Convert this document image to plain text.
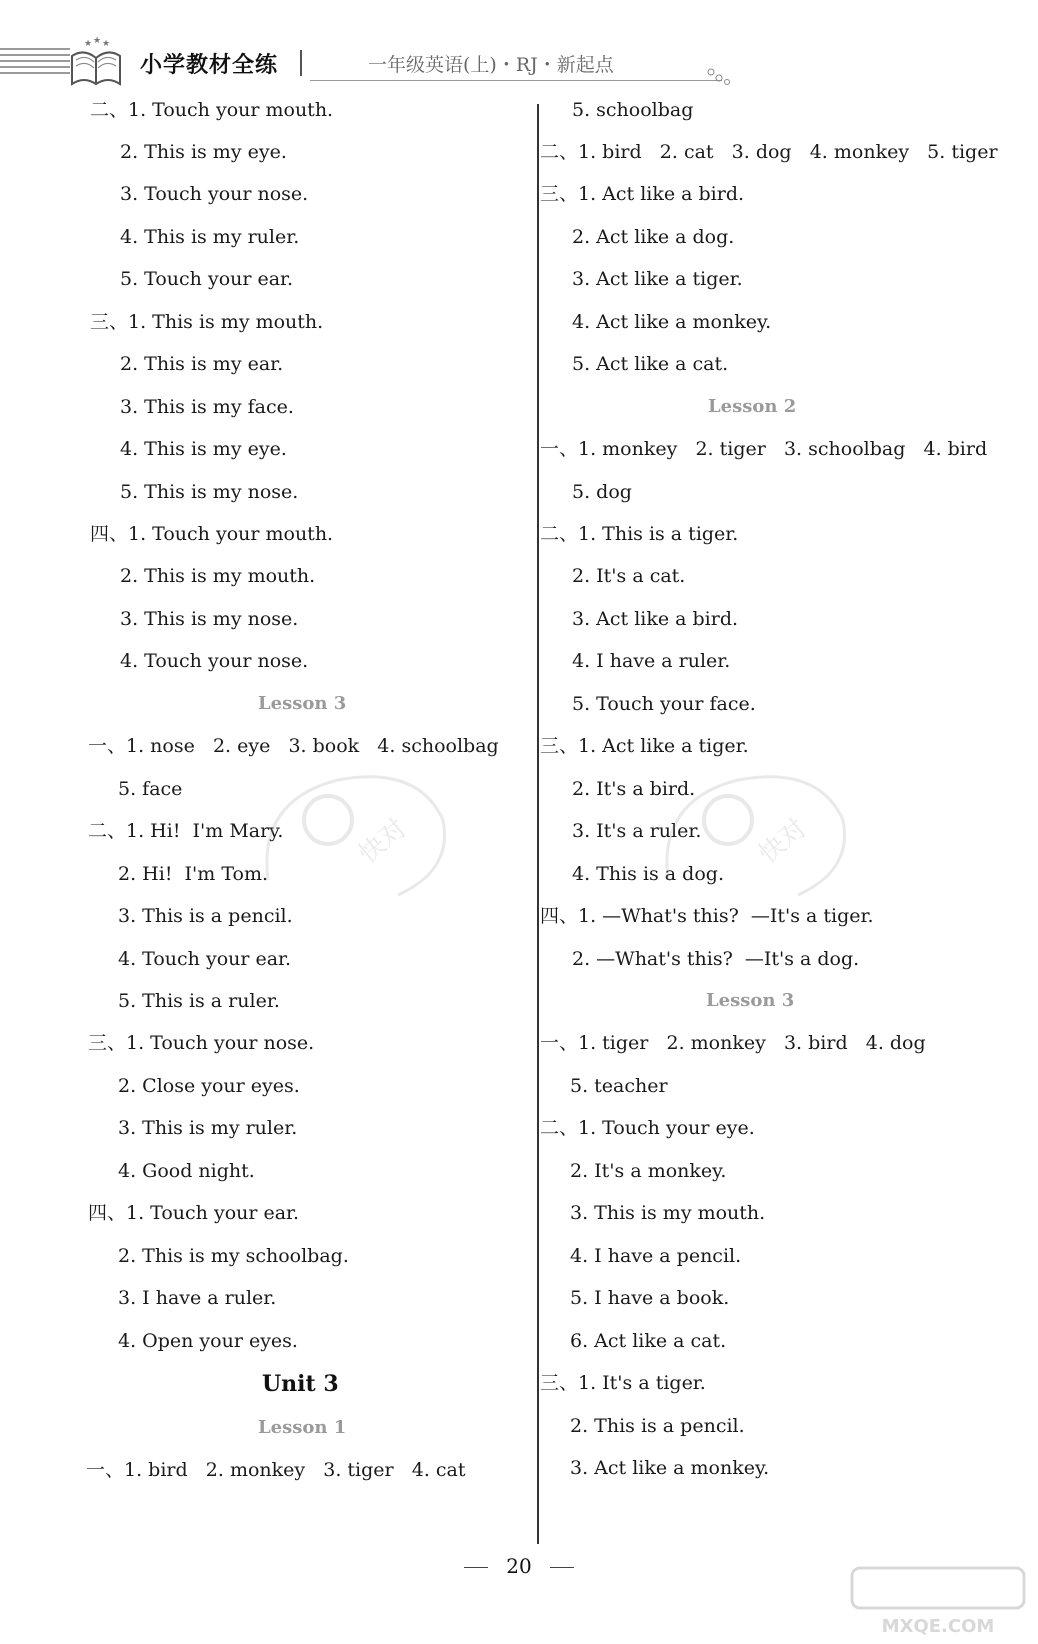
★ ★ ★
小学教材全练	一年级英语(上)・RJ・新起点
二、1. Touch your mouth.
2. This is my eye.
3. Touch your nose.
4. This is my ruler.
5. Touch your ear.
三、1. This is my mouth.
2. This is my ear.
3. This is my face.
4. This is my eye.
5. This is my nose.
四、1. Touch your mouth.
2. This is my mouth.
3. This is my nose.
4. Touch your nose.
Lesson 3
一、1. nose   2. eye   3. book   4. schoolbag
5. face
二、1. Hi!  I'm Mary.
2. Hi!  I'm Tom.
3. This is a pencil.
4. Touch your ear.
5. This is a ruler.
三、1. Touch your nose.
2. Close your eyes.
3. This is my ruler.
4. Good night.
四、1. Touch your ear.
2. This is my schoolbag.
3. I have a ruler.
4. Open your eyes.
Unit 3
Lesson 1
一、1. bird   2. monkey   3. tiger   4. cat
5. schoolbag
二、1. bird   2. cat   3. dog   4. monkey   5. tiger
三、1. Act like a bird.
2. Act like a dog.
3. Act like a tiger.
4. Act like a monkey.
5. Act like a cat.
Lesson 2
一、1. monkey   2. tiger   3. schoolbag   4. bird
5. dog
二、1. This is a tiger.
2. It's a cat.
3. Act like a bird.
4. I have a ruler.
5. Touch your face.
三、1. Act like a tiger.
2. It's a bird.
3. It's a ruler.
4. This is a dog.
四、1. —What's this?  —It's a tiger.
2. —What's this?  —It's a dog.
Lesson 3
一、1. tiger   2. monkey   3. bird   4. dog
5. teacher
二、1. Touch your eye.
2. It's a monkey.
3. This is my mouth.
4. I have a pencil.
5. I have a book.
6. Act like a cat.
三、1. It's a tiger.
2. This is a pencil.
3. Act like a monkey.
快对	快对
20
MXQE.COM
